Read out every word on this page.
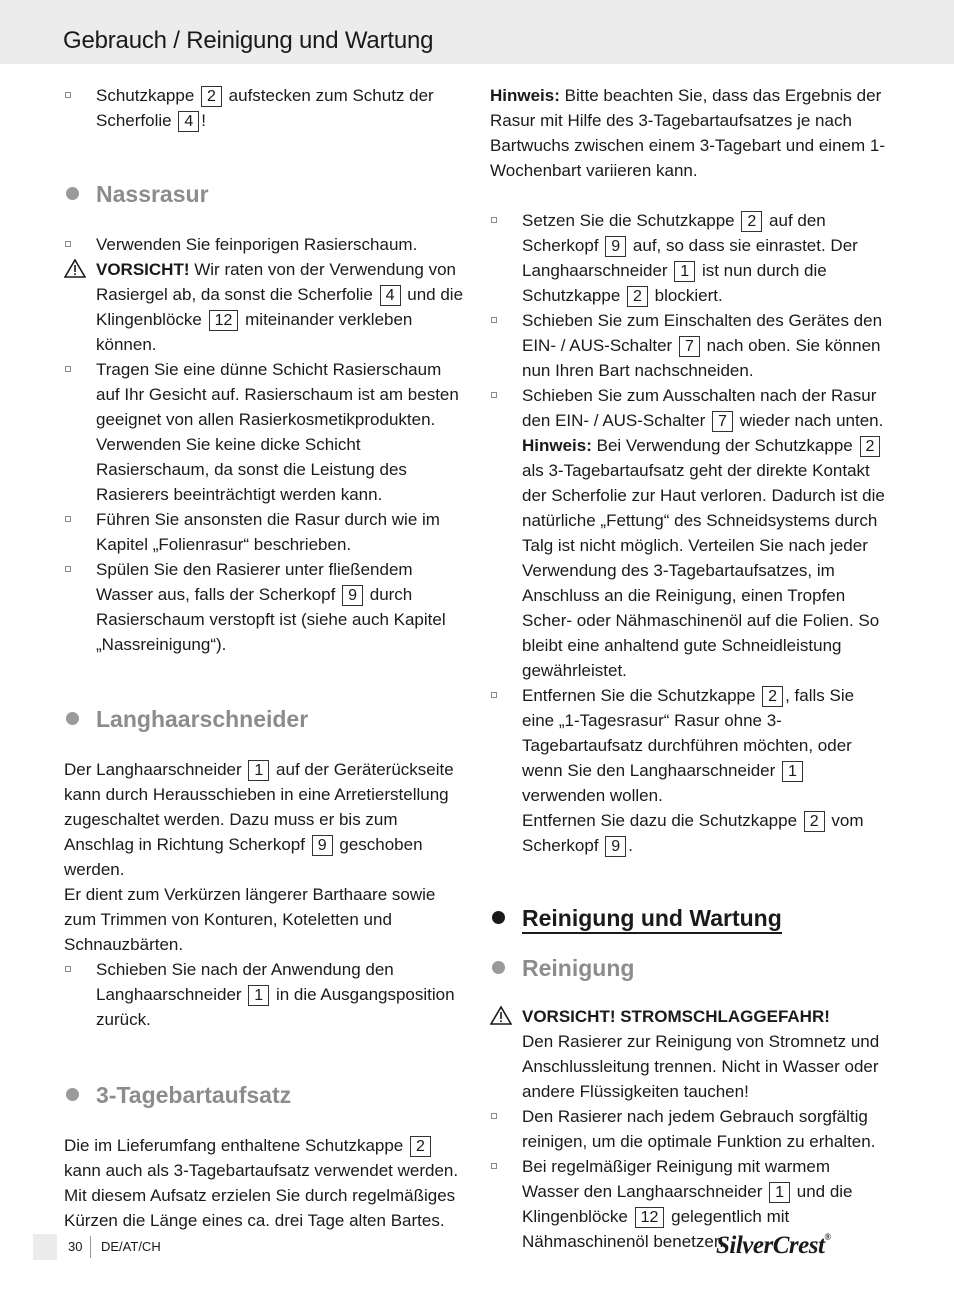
Gebrauch / Reinigung und Wartung
Schutzkappe 2 aufstecken zum Schutz der Scherfolie 4 !
Nassrasur
Verwenden Sie feinporigen Rasierschaum.
VORSICHT! Wir raten von der Verwendung von Rasiergel ab, da sonst die Scherfolie 4 und die Klingenblöcke 12 miteinander verkleben können.
Tragen Sie eine dünne Schicht Rasierschaum auf Ihr Gesicht auf. Rasierschaum ist am besten geeignet von allen Rasierkosmetikprodukten. Verwenden Sie keine dicke Schicht Rasierschaum, da sonst die Leistung des Rasierers beeinträchtigt werden kann.
Führen Sie ansonsten die Rasur durch wie im Kapitel „Folienrasur“ beschrieben.
Spülen Sie den Rasierer unter fließendem Wasser aus, falls der Scherkopf 9 durch Rasierschaum verstopft ist (siehe auch Kapitel „Nassreinigung“).
Langhaarschneider

Der Langhaarschneider 1 auf der Geräterückseite kann durch Herausschieben in eine Arretierstellung zugeschaltet werden. Dazu muss er bis zum Anschlag in Richtung Scherkopf 9 geschoben werden.

Er dient zum Verkürzen längerer Barthaare sowie zum Trimmen von Konturen, Koteletten und Schnauzbärten.

Schieben Sie nach der Anwendung den Langhaarschneider 1 in die Ausgangsposition zurück.
3-Tagebartaufsatz

Die im Lieferumfang enthaltene Schutzkappe 2 kann auch als 3-Tagebartaufsatz verwendet werden. Mit diesem Aufsatz erzielen Sie durch regelmäßiges Kürzen die Länge eines ca. drei Tage alten Bartes.

Hinweis: Bitte beachten Sie, dass das Ergebnis der Rasur mit Hilfe des 3-Tagebartaufsatzes je nach Bartwuchs zwischen einem 3-Tagebart und einem 1-Wochenbart variieren kann.

Setzen Sie die Schutzkappe 2 auf den Scherkopf 9 auf, so dass sie einrastet. Der Langhaarschneider 1 ist nun durch die Schutzkappe 2 blockiert.
Schieben Sie zum Einschalten des Gerätes den EIN- / AUS-Schalter 7 nach oben. Sie können nun Ihren Bart nachschneiden.
Schieben Sie zum Ausschalten nach der Rasur den EIN- / AUS-Schalter 7 wieder nach unten. Hinweis: Bei Verwendung der Schutzkappe 2 als 3-Tagebartaufsatz geht der direkte Kontakt der Scherfolie zur Haut verloren. Dadurch ist die natürliche „Fettung“ des Schneidsystems durch Talg ist nicht möglich. Verteilen Sie nach jeder Verwendung des 3-Tagebartaufsatzes, im Anschluss an die Reinigung, einen Tropfen Scher- oder Nähmaschinenöl auf die Folien. So bleibt eine anhaltend gute Schneidleistung gewährleistet.
Entfernen Sie die Schutzkappe 2 , falls Sie eine „1-Tagesrasur“ Rasur ohne 3-Tagebartaufsatz durchführen möchten, oder wenn Sie den Langhaarschneider 1 verwenden wollen.
Entfernen Sie dazu die Schutzkappe 2 vom Scherkopf 9 .
Reinigung und Wartung
Reinigung
VORSICHT! STROMSCHLAGGEFAHR!
Den Rasierer zur Reinigung von Stromnetz und Anschlussleitung trennen. Nicht in Wasser oder andere Flüssigkeiten tauchen!
Den Rasierer nach jedem Gebrauch sorgfältig reinigen, um die optimale Funktion zu erhalten.
Bei regelmäßiger Reinigung mit warmem Wasser den Langhaarschneider 1 und die Klingenblöcke 12 gelegentlich mit Nähmaschinenöl benetzen.
30 DE/AT/CH	SilverCrest®
